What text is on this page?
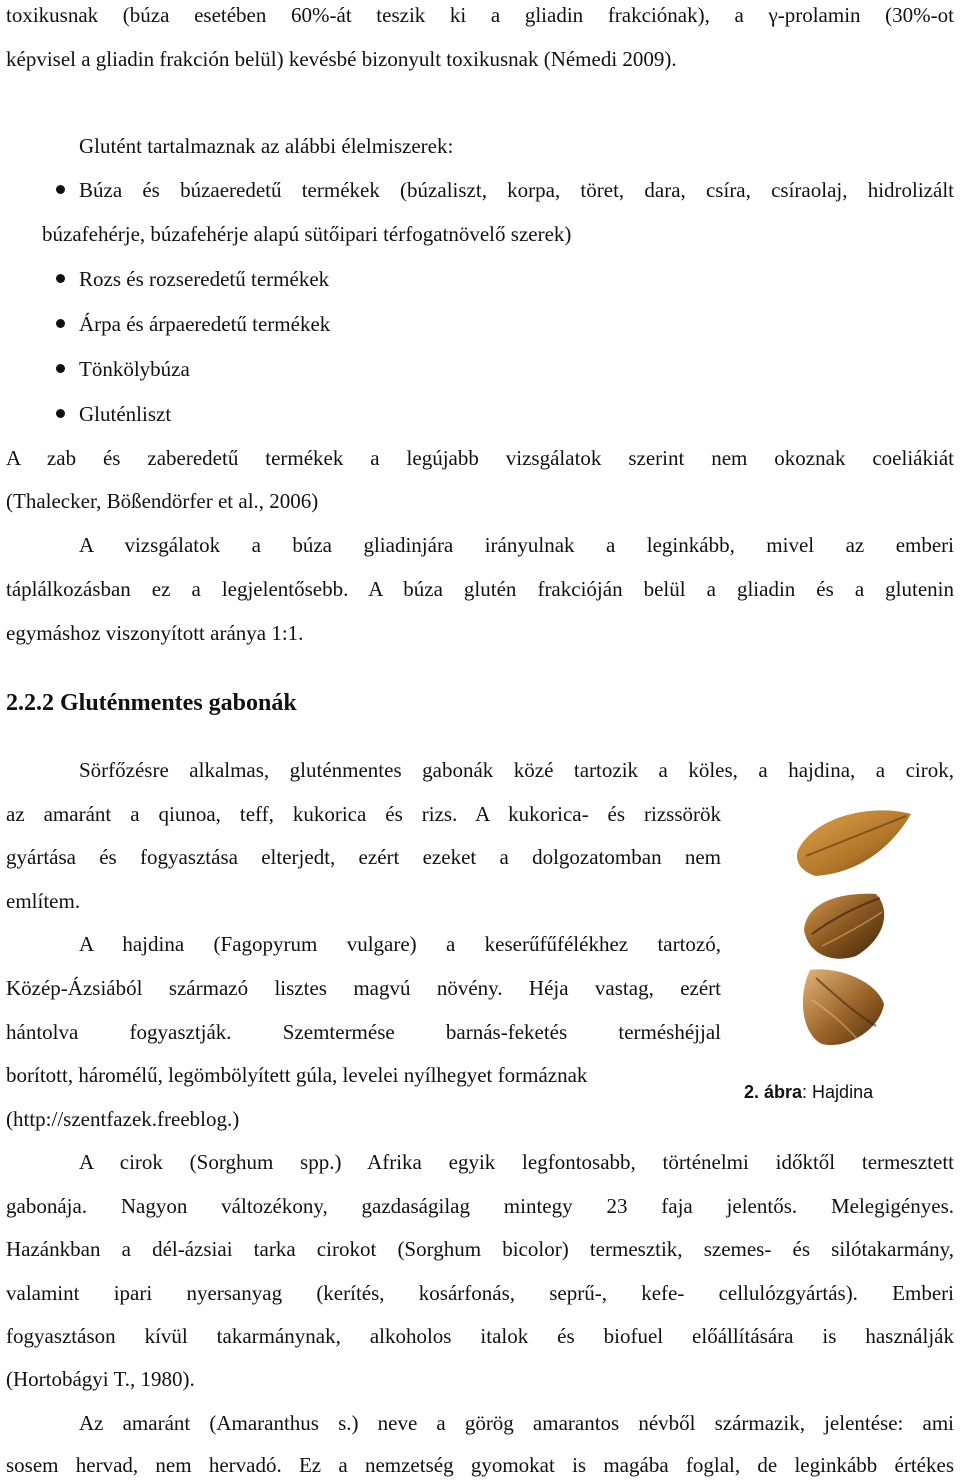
toxikusnak (búza esetében 60%-át teszik ki a gliadin frakciónak), a γ-prolamin (30%-ot
képvisel a gliadin frakción belül) kevésbé bizonyult toxikusnak (Némedi 2009).
Glutént tartalmaznak az alábbi élelmiszerek:
Búza és búzaeredetű termékek (búzaliszt, korpa, töret, dara, csíra, csíraolaj, hidrolizált
búzafehérje, búzafehérje alapú sütőipari térfogatnövelő szerek)
Rozs és rozseredetű termékek
Árpa és árpaeredetű termékek
Tönkölybúza
Gluténliszt
A zab és zaberedetű termékek a legújabb vizsgálatok szerint nem okoznak coeliákiát
(Thalecker, Bößendörfer et al., 2006)
A vizsgálatok a búza gliadinjára irányulnak a leginkább, mivel az emberi
táplálkozásban ez a legjelentősebb. A búza glutén frakcióján belül a gliadin és a glutenin
egymáshoz viszonyított aránya 1:1.
2.2.2 Gluténmentes gabonák
Sörfőzésre alkalmas, gluténmentes gabonák közé tartozik a köles, a hajdina, a cirok,
az amaránt a qiunoa, teff, kukorica és rizs. A kukorica- és rizssörök
gyártása és fogyasztása elterjedt, ezért ezeket a dolgozatomban nem
említem.
A hajdina (Fagopyrum vulgare) a keserűfűfélékhez tartozó,
Közép-Ázsiából származó lisztes magvú növény. Héja vastag, ezért
hántolva fogyasztják. Szemtermése barnás-feketés terméshéjjal
borított, háromélű, legömbölyített gúla, levelei nyílhegyet formáznak
(http://szentfazek.freeblog.)
2. ábra: Hajdina
A cirok (Sorghum spp.) Afrika egyik legfontosabb, történelmi időktől termesztett
gabonája. Nagyon változékony, gazdaságilag mintegy 23 faja jelentős. Melegigényes.
Hazánkban a dél-ázsiai tarka cirokot (Sorghum bicolor) termesztik, szemes- és silótakarmány,
valamint ipari nyersanyag (kerítés, kosárfonás, seprű-, kefe- cellulózgyártás). Emberi
fogyasztáson kívül takarmánynak, alkoholos italok és biofuel előállítására is használják
(Hortobágyi T., 1980).
Az amaránt (Amaranthus s.) neve a görög amarantos névből származik, jelentése: ami
sosem hervad, nem hervadó. Ez a nemzetség gyomokat is magába foglal, de leginkább értékes
